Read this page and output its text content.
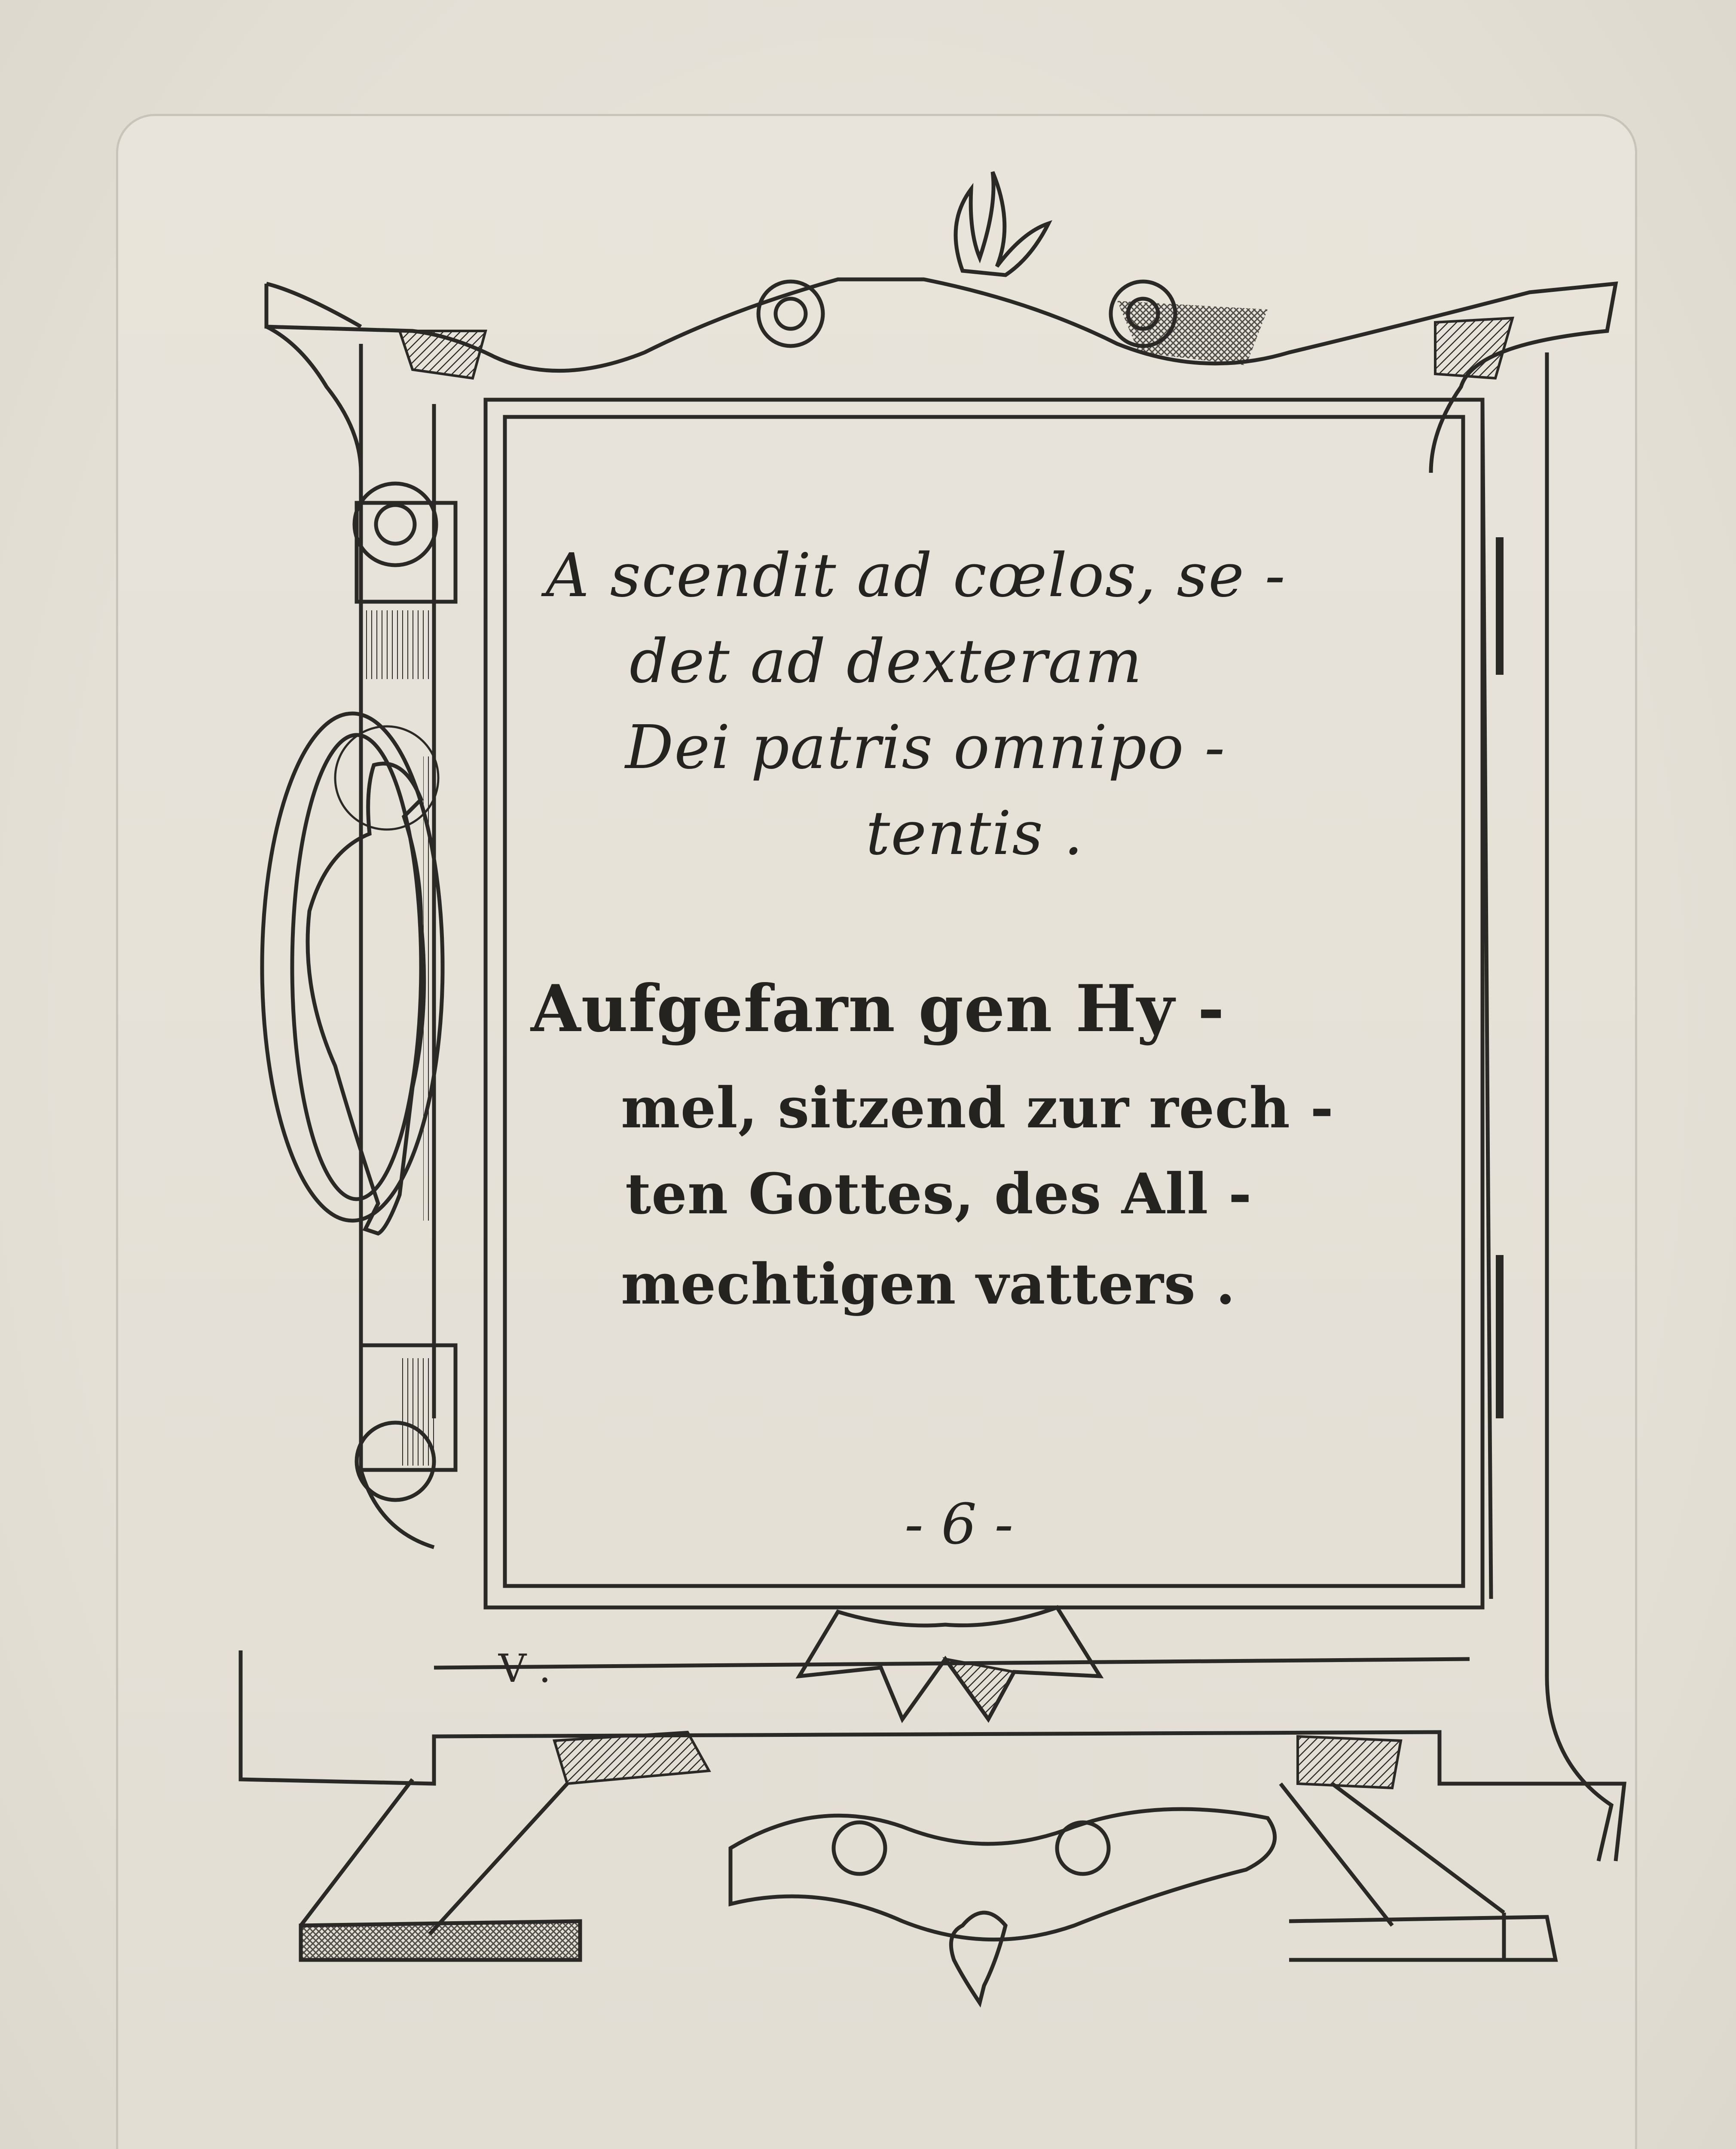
A scendit ad cœlos, se -
det ad dexteram
Dei patris omnipo -
tentis .
Aufgefarn gen Hy -
mel, sitzend zur rech -
ten Gottes, des All -
mechtigen vatters .
- 6 -
V .
